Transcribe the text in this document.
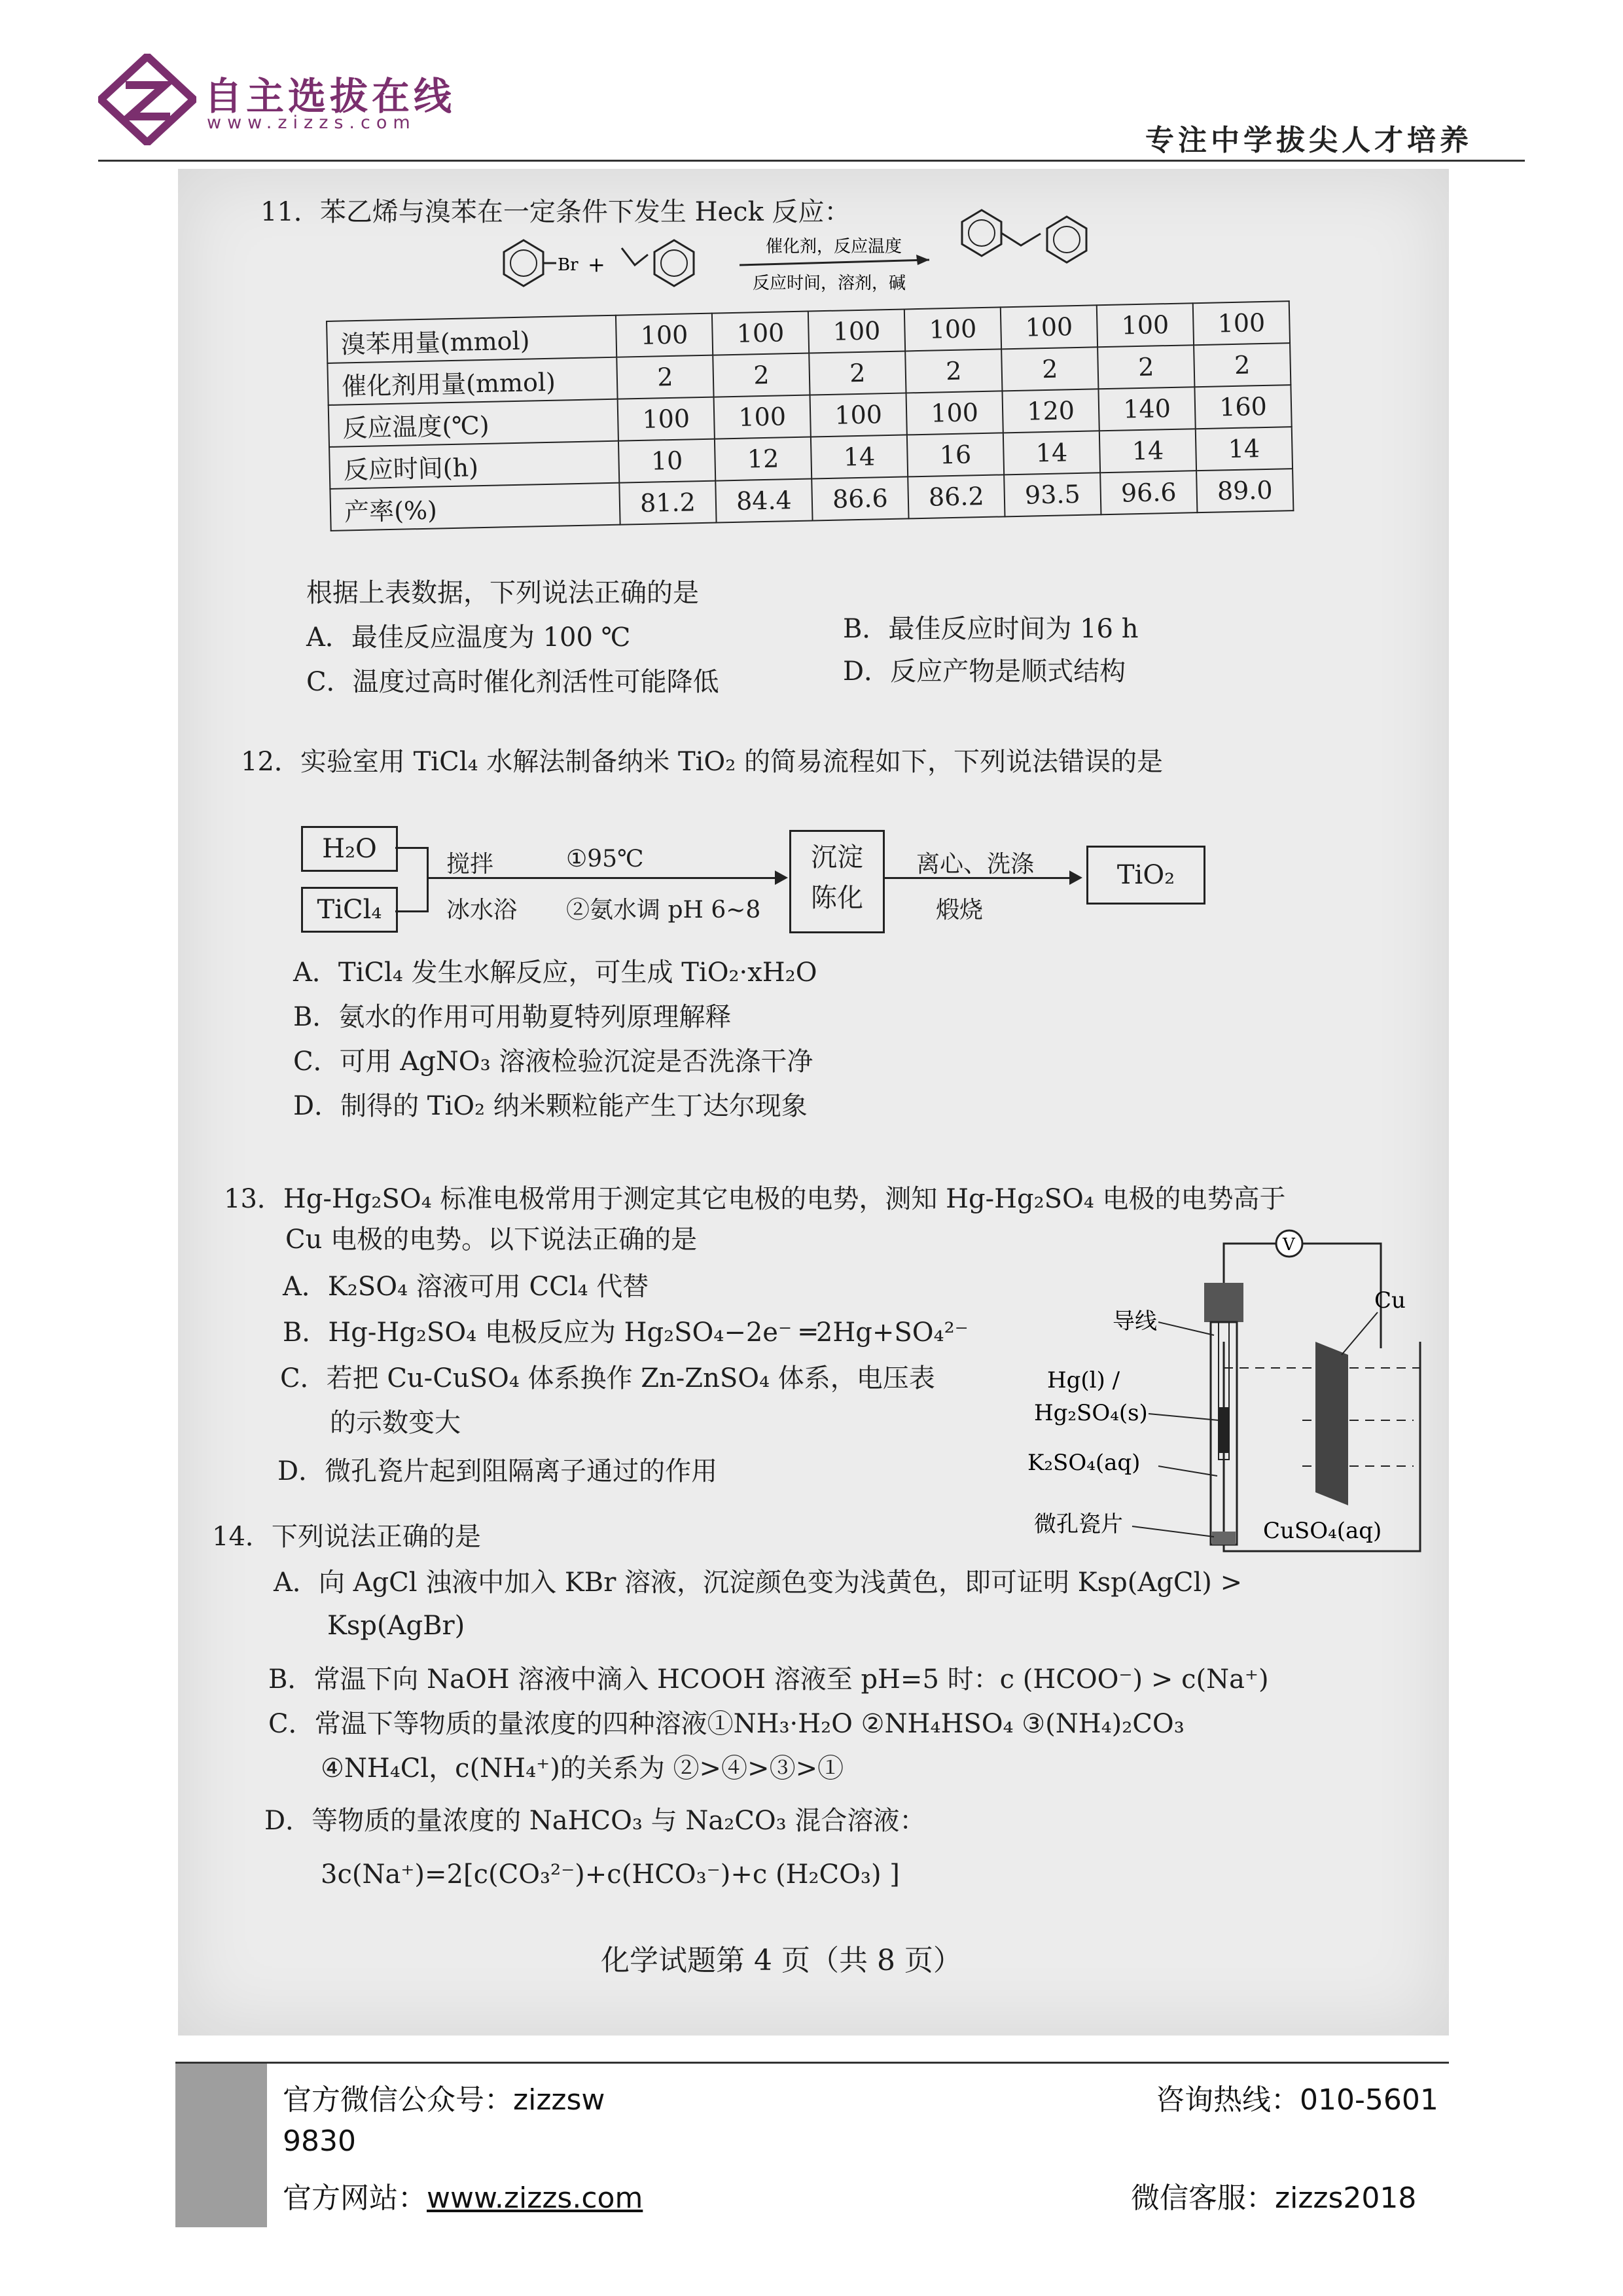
自主选拔在线
www.zizzs.com
专注中学拔尖人才培养
11．苯乙烯与溴苯在一定条件下发生 Heck 反应：
Br +
催化剂，反应温度
反应时间，溶剂，碱
溴苯用量(mmol)	100	100	100	100	100	100	100
催化剂用量(mmol)	2	2	2	2	2	2	2
反应温度(℃)	100	100	100	100	120	140	160
反应时间(h)	10	12	14	16	14	14	14
产率(%)	81.2	84.4	86.6	86.2	93.5	96.6	89.0
根据上表数据，下列说法正确的是
A．最佳反应温度为 100 ℃	B．最佳反应时间为 16 h
C．温度过高时催化剂活性可能降低	D．反应产物是顺式结构
12．实验室用 TiCl₄ 水解法制备纳米 TiO₂ 的简易流程如下，下列说法错误的是
H₂O
TiCl₄
搅拌
冰水浴
①95℃
②氨水调 pH 6~8
沉淀
陈化
离心、洗涤
煅烧
TiO₂
A．TiCl₄ 发生水解反应，可生成 TiO₂·xH₂O
B．氨水的作用可用勒夏特列原理解释
C．可用 AgNO₃ 溶液检验沉淀是否洗涤干净
D．制得的 TiO₂ 纳米颗粒能产生丁达尔现象
13．Hg-Hg₂SO₄ 标准电极常用于测定其它电极的电势，测知 Hg-Hg₂SO₄ 电极的电势高于
Cu 电极的电势。以下说法正确的是
A．K₂SO₄ 溶液可用 CCl₄ 代替
B．Hg-Hg₂SO₄ 电极反应为 Hg₂SO₄−2e⁻ ═2Hg+SO₄²⁻
C．若把 Cu-CuSO₄ 体系换作 Zn-ZnSO₄ 体系，电压表
的示数变大
D．微孔瓷片起到阻隔离子通过的作用
V
导线
Cu
Hg(l) /
Hg₂SO₄(s)
K₂SO₄(aq)
微孔瓷片	CuSO₄(aq)
14．下列说法正确的是
A．向 AgCl 浊液中加入 KBr 溶液，沉淀颜色变为浅黄色，即可证明 Ksp(AgCl) >
Ksp(AgBr)
B．常温下向 NaOH 溶液中滴入 HCOOH 溶液至 pH=5 时：c (HCOO⁻) > c(Na⁺)
C．常温下等物质的量浓度的四种溶液①NH₃·H₂O ②NH₄HSO₄ ③(NH₄)₂CO₃
④NH₄Cl，c(NH₄⁺)的关系为 ②>④>③>①
D．等物质的量浓度的 NaHCO₃ 与 Na₂CO₃ 混合溶液：
3c(Na⁺)=2[c(CO₃²⁻)+c(HCO₃⁻)+c (H₂CO₃) ]
化学试题第 4 页（共 8 页）
官方微信公众号：zizzsw	咨询热线：010-5601
9830
官方网站：www.zizzs.com	微信客服：zizzs2018
